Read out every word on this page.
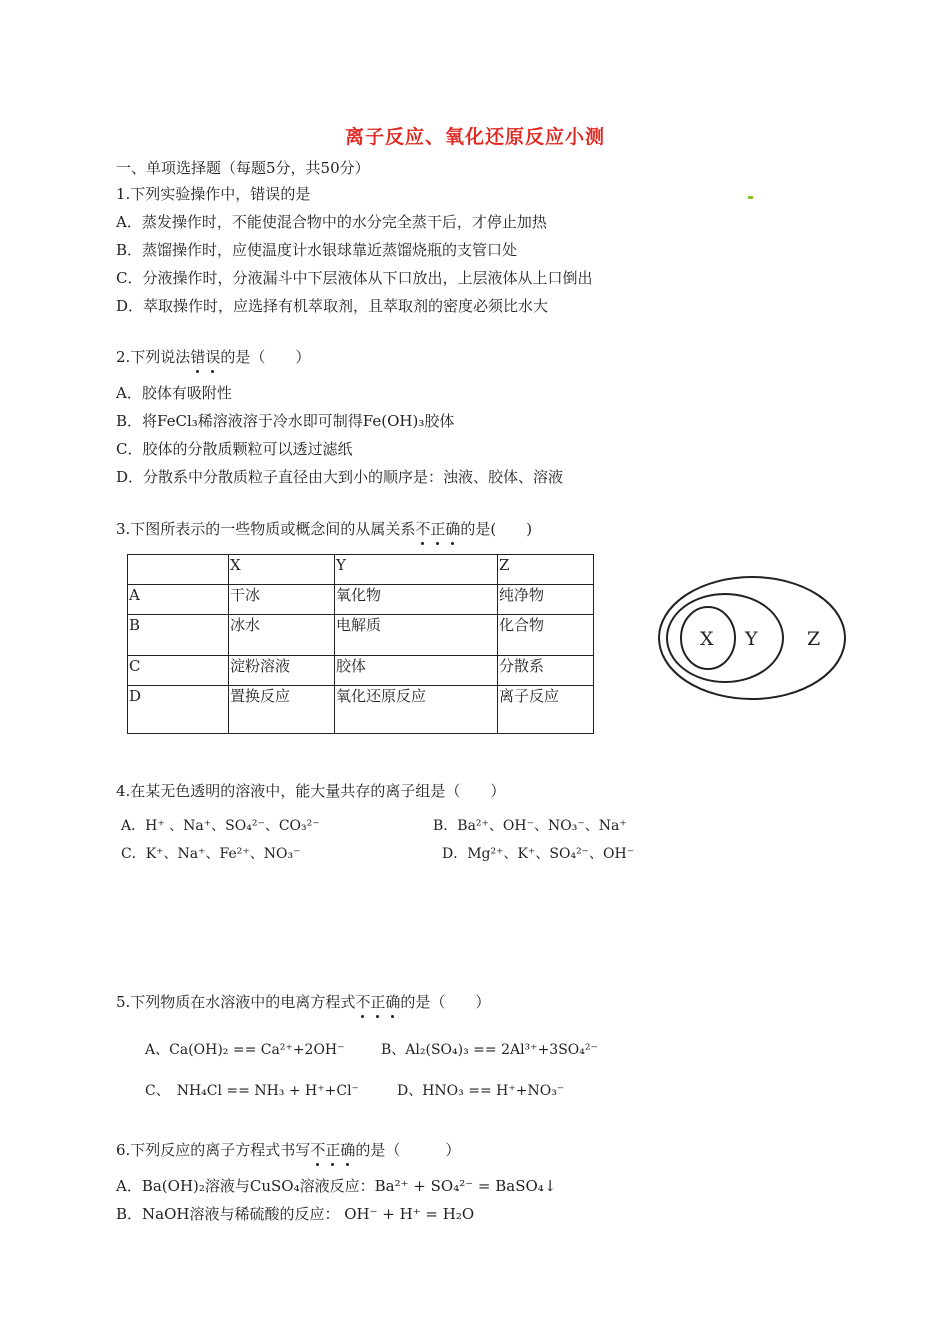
离子反应、氧化还原反应小测
一、单项选择题（每题5分，共50分）
1.下列实验操作中，错误的是
A．蒸发操作时，不能使混合物中的水分完全蒸干后，才停止加热
B．蒸馏操作时，应使温度计水银球靠近蒸馏烧瓶的支管口处
C．分液操作时，分液漏斗中下层液体从下口放出，上层液体从上口倒出
D．萃取操作时，应选择有机萃取剂，且萃取剂的密度必须比水大
2.下列说法错
误
的是（　　）
A．胶体有吸附性
B．将FeCl₃稀溶液溶于冷水即可制得Fe(OH)₃胶体
C．胶体的分散质颗粒可以透过滤纸
D．分散系中分散质粒子直径由大到小的顺序是：浊液、胶体、溶液
3.下图所表示的一些物质或概念间的从属关系不
正
确
的是(　　)
	X	Y	Z
A	干冰	氧化物	纯净物
B	冰水	电解质	化合物
C	淀粉溶液	胶体	分散系
D	置换反应	氧化还原反应	离子反应
X Y	Z
4.在某无色透明的溶液中，能大量共存的离子组是（　　）
A．H⁺ 、Na⁺、SO₄²⁻、CO₃²⁻	B．Ba²⁺、OH⁻、NO₃⁻、Na⁺
C．K⁺、Na⁺、Fe²⁺、NO₃⁻	D．Mg²⁺、K⁺、SO₄²⁻、OH⁻
5.下列物质在水溶液中的电离方程式不
正
确
的是（　　）
A、Ca(OH)₂ == Ca²⁺+2OH⁻	B、Al₂(SO₄)₃ == 2Al³⁺+3SO₄²⁻
C、　NH₄Cl == NH₃ + H⁺+Cl⁻	D、HNO₃ == H⁺+NO₃⁻
6.下列反应的离子方程式书写不
正
确
的是（　　　）
A．Ba(OH)₂溶液与CuSO₄溶液反应：Ba²⁺ + SO₄²⁻ = BaSO₄↓
B．NaOH溶液与稀硫酸的反应： OH⁻ + H⁺ = H₂O
